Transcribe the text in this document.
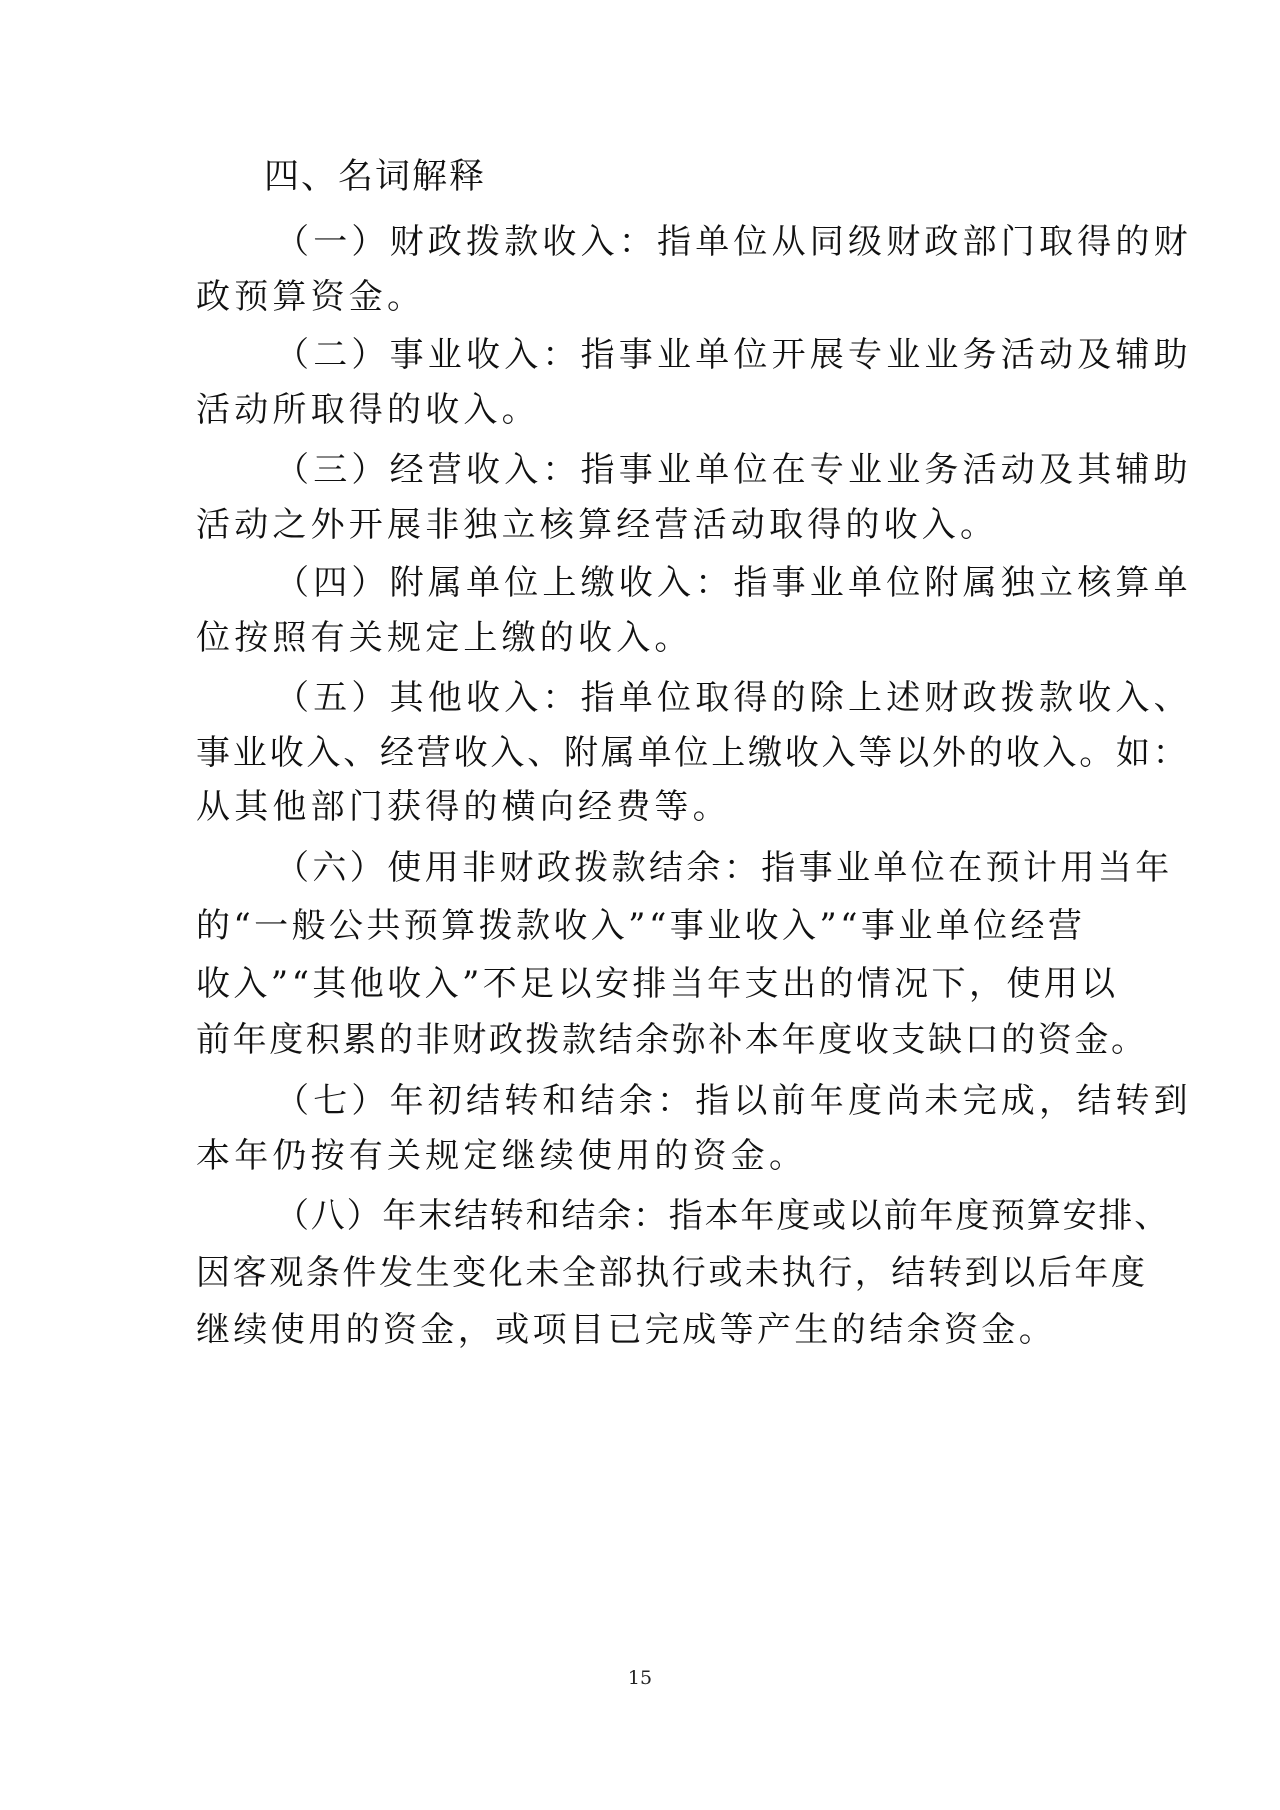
四、名词解释

（一）财政拨款收入：指单位从同级财政部门取得的财

政预算资金。

（二）事业收入：指事业单位开展专业业务活动及辅助

活动所取得的收入。

（三）经营收入：指事业单位在专业业务活动及其辅助

活动之外开展非独立核算经营活动取得的收入。

（四）附属单位上缴收入：指事业单位附属独立核算单

位按照有关规定上缴的收入。

（五）其他收入：指单位取得的除上述财政拨款收入、

事业收入、经营收入、附属单位上缴收入等以外的收入。如：

从其他部门获得的横向经费等。

（六）使用非财政拨款结余：指事业单位在预计用当年

的“一般公共预算拨款收入”“事业收入”“事业单位经营

收入”“其他收入”不足以安排当年支出的情况下，使用以

前年度积累的非财政拨款结余弥补本年度收支缺口的资金。

（七）年初结转和结余：指以前年度尚未完成，结转到

本年仍按有关规定继续使用的资金。

（八）年末结转和结余：指本年度或以前年度预算安排、

因客观条件发生变化未全部执行或未执行，结转到以后年度

继续使用的资金，或项目已完成等产生的结余资金。

15
